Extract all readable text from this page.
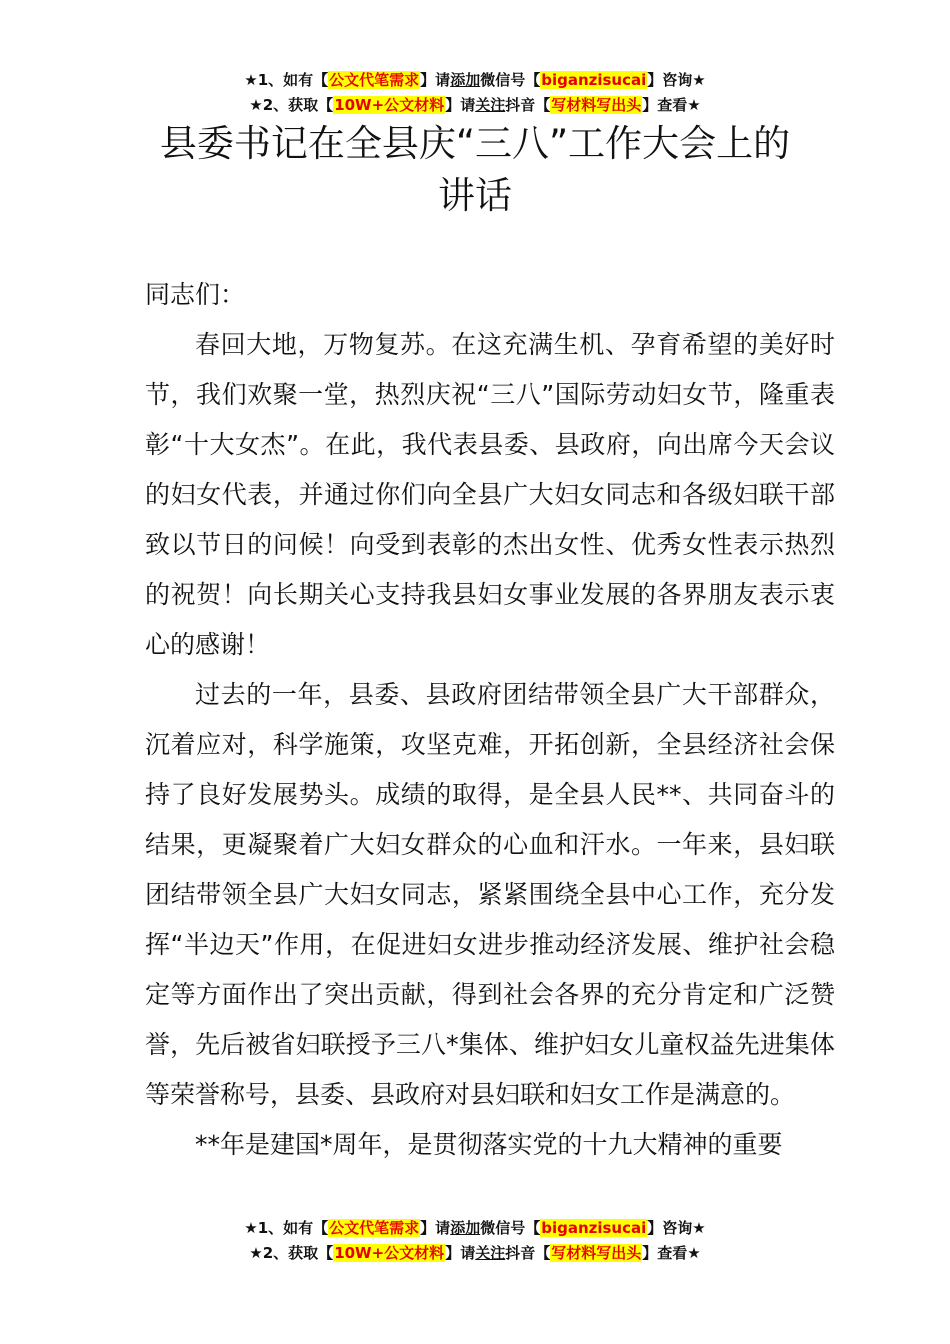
★1、如有【公文代笔需求】请添加微信号【biganzisucai】咨询★
★2、获取【10W+公文材料】请关注抖音【写材料写出头】查看★
县委书记在全县庆“三八”工作大会上的
讲话

同志们：

春回大地，万物复苏。在这充满生机、孕育希望的美好时节，我们欢聚一堂，热烈庆祝“三八”国际劳动妇女节，隆重表彰“十大女杰”。在此，我代表县委、县政府，向出席今天会议的妇女代表，并通过你们向全县广大妇女同志和各级妇联干部致以节日的问候！向受到表彰的杰出女性、优秀女性表示热烈的祝贺！向长期关心支持我县妇女事业发展的各界朋友表示衷心的感谢！

过去的一年，县委、县政府团结带领全县广大干部群众，沉着应对，科学施策，攻坚克难，开拓创新，全县经济社会保持了良好发展势头。成绩的取得，是全县人民**、共同奋斗的结果，更凝聚着广大妇女群众的心血和汗水。一年来，县妇联团结带领全县广大妇女同志，紧紧围绕全县中心工作，充分发挥“半边天”作用，在促进妇女进步推动经济发展、维护社会稳定等方面作出了突出贡献，得到社会各界的充分肯定和广泛赞誉，先后被省妇联授予三八*集体、维护妇女儿童权益先进集体等荣誉称号，县委、县政府对县妇联和妇女工作是满意的。

**年是建国*周年，是贯彻落实党的十九大精神的重要

★1、如有【公文代笔需求】请添加微信号【biganzisucai】咨询★
★2、获取【10W+公文材料】请关注抖音【写材料写出头】查看★
